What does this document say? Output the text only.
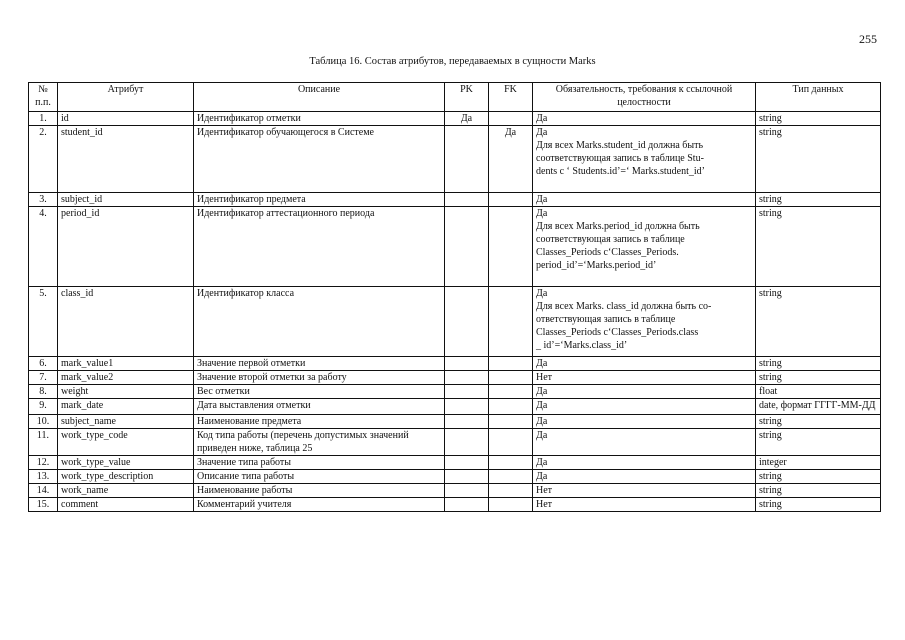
255
Таблица 16. Состав атрибутов, передаваемых в сущности Marks
№ п.п.	Атрибут	Описание	PK	FK	Обязательность, требования к ссылочной целостности	Тип данных
1.	id	Идентификатор отметки	Да		Да	string
2.	student_id	Идентификатор обучающегося в Системе		Да	Да
Для всех Marks.student_id должна быть
соответствующая запись в таблице Stu-
dents с ‘ Students.id’=‘ Marks.student_id’	string
3.	subject_id	Идентификатор предмета			Да	string
4.	period_id	Идентификатор аттестационного периода			Да
Для всех Marks.period_id должна быть
соответствующая запись в таблице
Classes_Periods с‘Classes_Periods.
period_id’=‘Marks.period_id’	string
5.	class_id	Идентификатор класса			Да
Для всех Marks. class_id должна быть со-
ответствующая запись в таблице
Classes_Periods с‘Classes_Periods.class
_ id’=‘Marks.class_id’	string
6.	mark_value1	Значение первой отметки			Да	string
7.	mark_value2	Значение второй отметки за работу			Нет	string
8.	weight	Вес отметки			Да	float
9.	mark_date	Дата выставления отметки			Да	date, формат ГГГГ-ММ-ДД
10.	subject_name	Наименование предмета			Да	string
11.	work_type_code	Код типа работы (перечень допустимых значений приведен ниже, таблица 25			Да	string
12.	work_type_value	Значение типа работы			Да	integer
13.	work_type_description	Описание типа работы			Да	string
14.	work_name	Наименование работы			Нет	string
15.	comment	Комментарий учителя			Нет	string
